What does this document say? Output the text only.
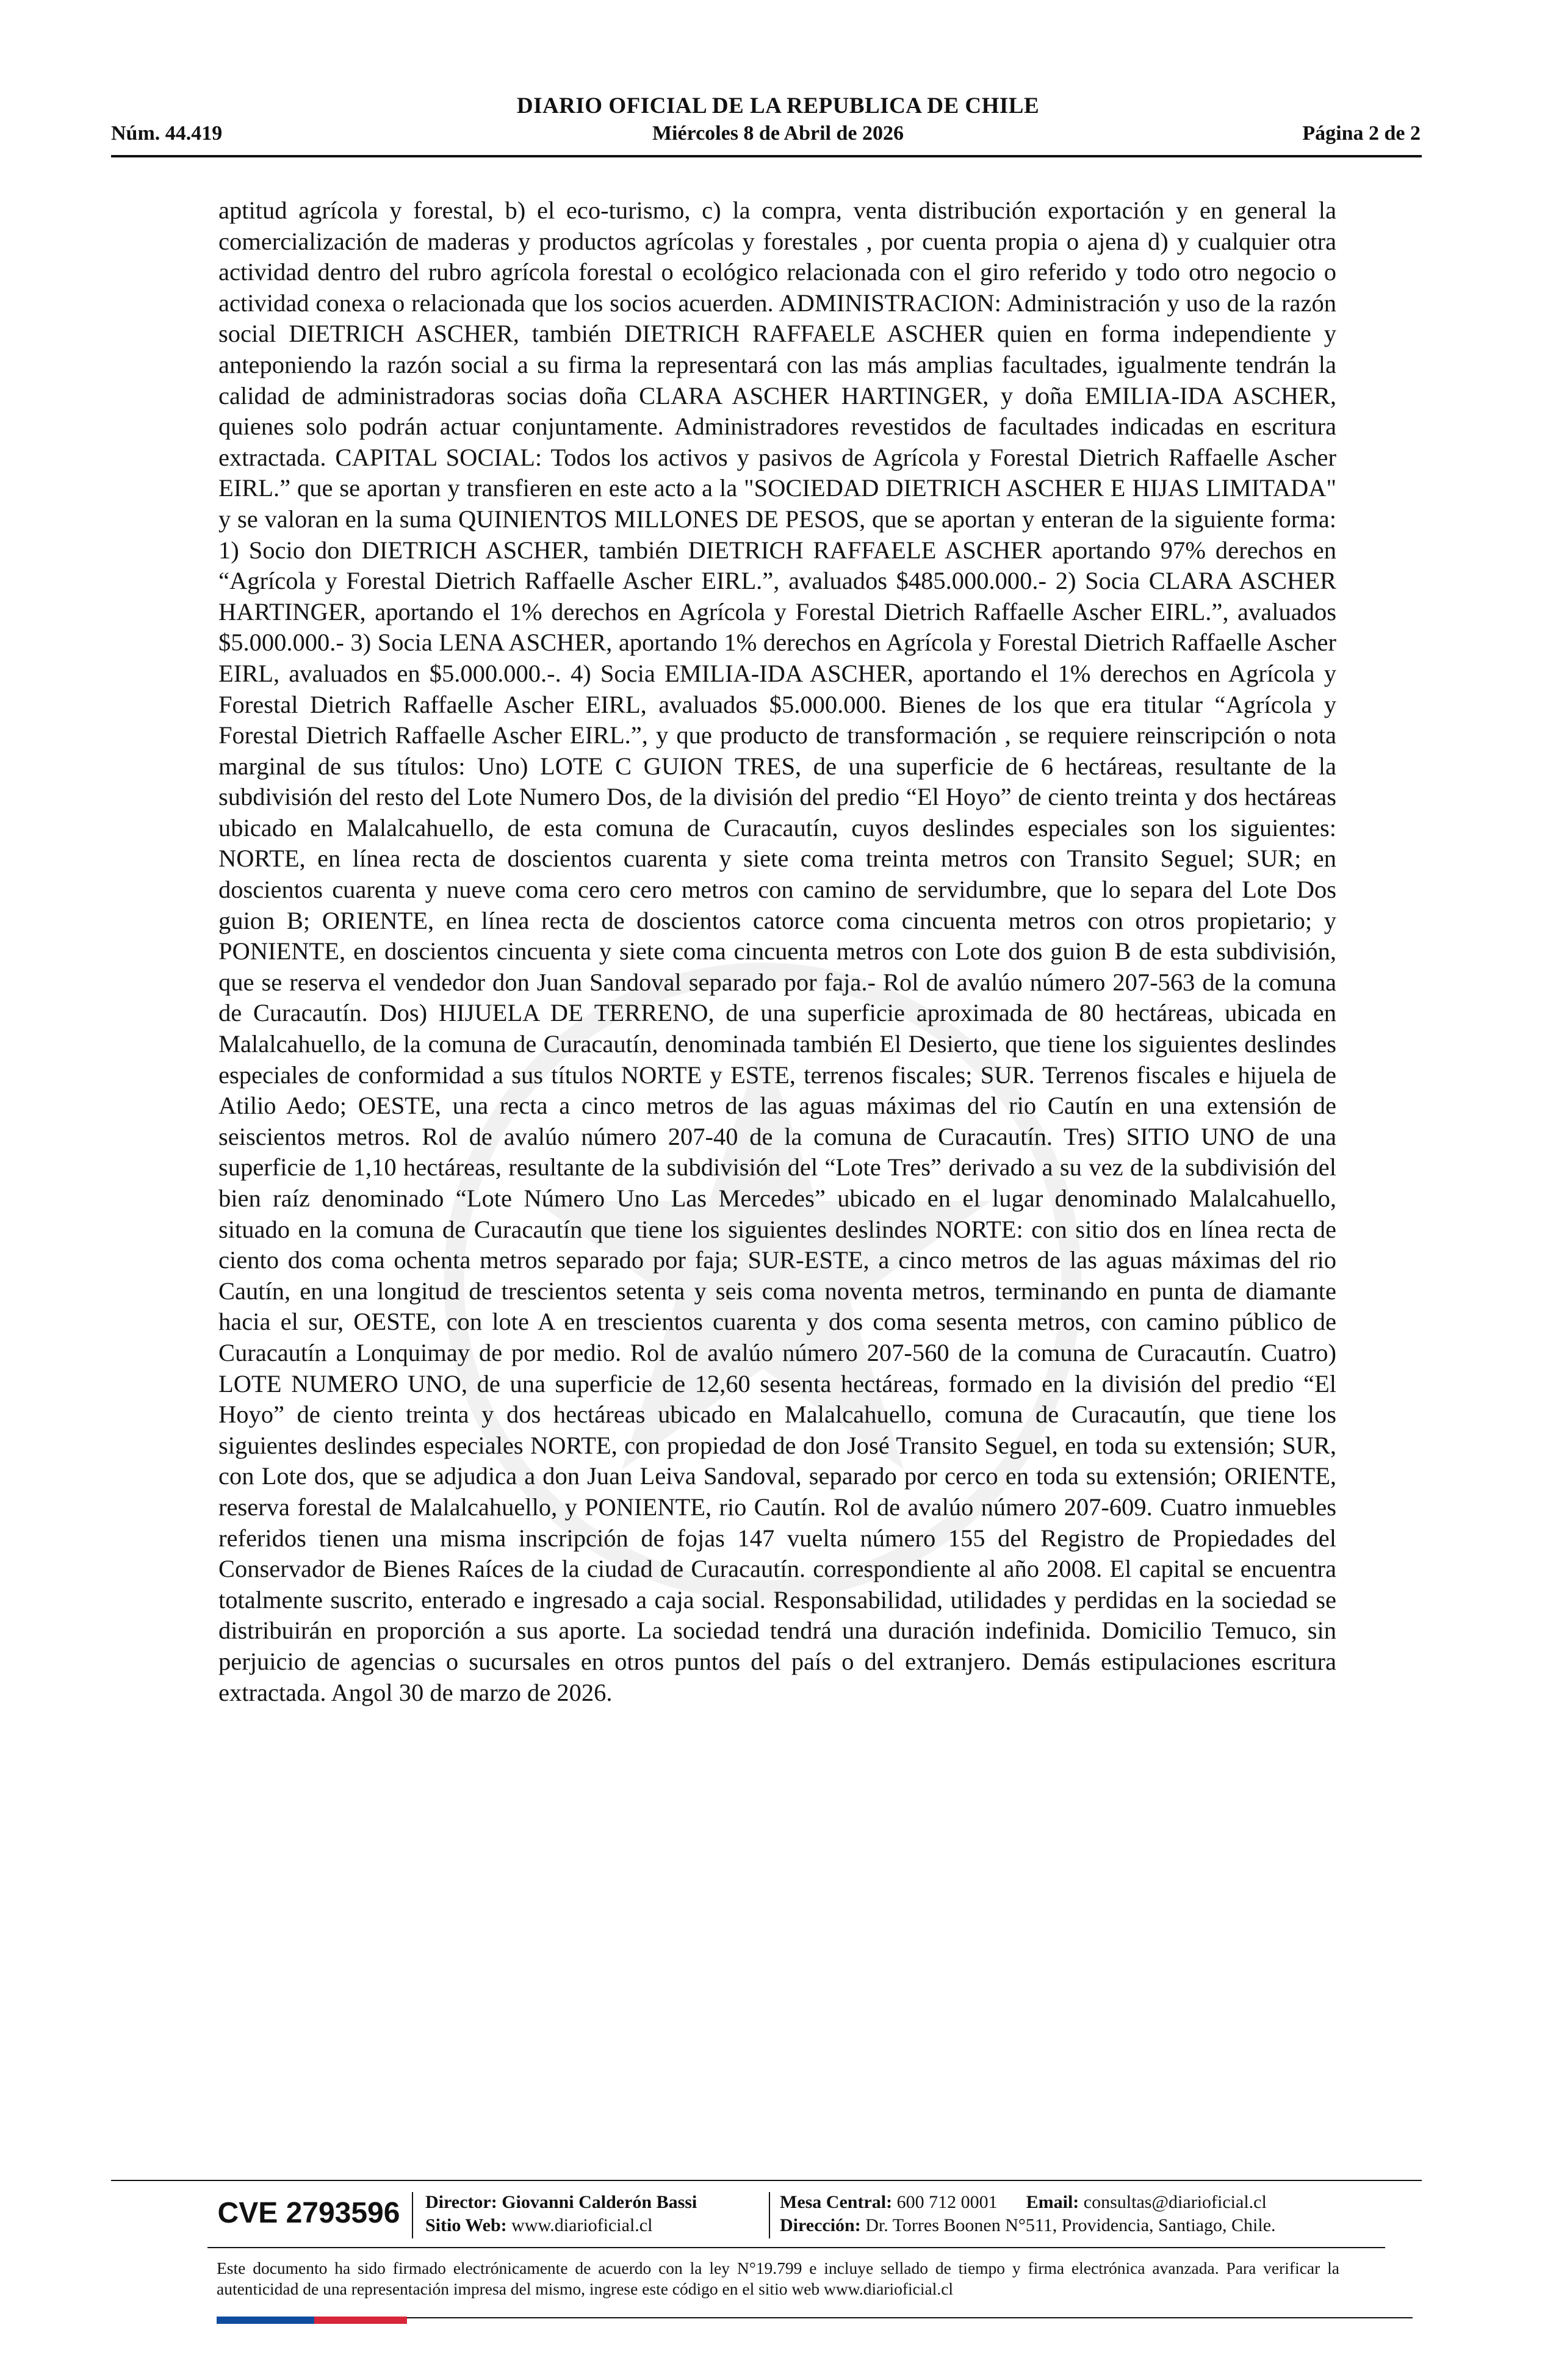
DIARIO OFICIAL DE LA REPUBLICA DE CHILE
Núm. 44.419	Miércoles 8 de Abril de 2026	Página 2 de 2

aptitud agrícola y forestal, b) el eco-turismo, c) la compra, venta distribución exportación y en general la comercialización de maderas y productos agrícolas y forestales , por cuenta propia o ajena d) y cualquier otra actividad dentro del rubro agrícola forestal o ecológico relacionada con el giro referido y todo otro negocio o actividad conexa o relacionada que los socios acuerden. ADMINISTRACION: Administración y uso de la razón social DIETRICH ASCHER, también DIETRICH RAFFAELE ASCHER quien en forma independiente y anteponiendo la razón social a su firma la representará con las más amplias facultades, igualmente tendrán la calidad de administradoras socias doña CLARA ASCHER HARTINGER, y doña EMILIA-IDA ASCHER, quienes solo podrán actuar conjuntamente. Administradores revestidos de facultades indicadas en escritura extractada. CAPITAL SOCIAL: Todos los activos y pasivos de Agrícola y Forestal Dietrich Raffaelle Ascher EIRL.” que se aportan y transfieren en este acto a la "SOCIEDAD DIETRICH ASCHER E HIJAS LIMITADA" y se valoran en la suma QUINIENTOS MILLONES DE PESOS, que se aportan y enteran de la siguiente forma: 1) Socio don DIETRICH ASCHER, también DIETRICH RAFFAELE ASCHER aportando 97% derechos en “Agrícola y Forestal Dietrich Raffaelle Ascher EIRL.”, avaluados $485.000.000.- 2) Socia CLARA ASCHER HARTINGER, aportando el 1% derechos en Agrícola y Forestal Dietrich Raffaelle Ascher EIRL.”, avaluados $5.000.000.- 3) Socia LENA ASCHER, aportando 1% derechos en Agrícola y Forestal Dietrich Raffaelle Ascher EIRL, avaluados en $5.000.000.-. 4) Socia EMILIA-IDA ASCHER, aportando el 1% derechos en Agrícola y Forestal Dietrich Raffaelle Ascher EIRL, avaluados $5.000.000. Bienes de los que era titular “Agrícola y Forestal Dietrich Raffaelle Ascher EIRL.”, y que producto de transformación , se requiere reinscripción o nota marginal de sus títulos: Uno) LOTE C GUION TRES, de una superficie de 6 hectáreas, resultante de la subdivisión del resto del Lote Numero Dos, de la división del predio “El Hoyo” de ciento treinta y dos hectáreas ubicado en Malalcahuello, de esta comuna de Curacautín, cuyos deslindes especiales son los siguientes: NORTE, en línea recta de doscientos cuarenta y siete coma treinta metros con Transito Seguel; SUR; en doscientos cuarenta y nueve coma cero cero metros con camino de servidumbre, que lo separa del Lote Dos guion B; ORIENTE, en línea recta de doscientos catorce coma cincuenta metros con otros propietario; y PONIENTE, en doscientos cincuenta y siete coma cincuenta metros con Lote dos guion B de esta subdivisión, que se reserva el vendedor don Juan Sandoval separado por faja.- Rol de avalúo número 207-563 de la comuna de Curacautín. Dos) HIJUELA DE TERRENO, de una superficie aproximada de 80 hectáreas, ubicada en Malalcahuello, de la comuna de Curacautín, denominada también El Desierto, que tiene los siguientes deslindes especiales de conformidad a sus títulos NORTE y ESTE, terrenos fiscales; SUR. Terrenos fiscales e hijuela de Atilio Aedo; OESTE, una recta a cinco metros de las aguas máximas del rio Cautín en una extensión de seiscientos metros. Rol de avalúo número 207-40 de la comuna de Curacautín. Tres) SITIO UNO de una superficie de 1,10 hectáreas, resultante de la subdivisión del “Lote Tres” derivado a su vez de la subdivisión del bien raíz denominado “Lote Número Uno Las Mercedes” ubicado en el lugar denominado Malalcahuello, situado en la comuna de Curacautín que tiene los siguientes deslindes NORTE: con sitio dos en línea recta de ciento dos coma ochenta metros separado por faja; SUR-ESTE, a cinco metros de las aguas máximas del rio Cautín, en una longitud de trescientos setenta y seis coma noventa metros, terminando en punta de diamante hacia el sur, OESTE, con lote A en trescientos cuarenta y dos coma sesenta metros, con camino público de Curacautín a Lonquimay de por medio. Rol de avalúo número 207-560 de la comuna de Curacautín. Cuatro) LOTE NUMERO UNO, de una superficie de 12,60 sesenta hectáreas, formado en la división del predio “El Hoyo” de ciento treinta y dos hectáreas ubicado en Malalcahuello, comuna de Curacautín, que tiene los siguientes deslindes especiales NORTE, con propiedad de don José Transito Seguel, en toda su extensión; SUR, con Lote dos, que se adjudica a don Juan Leiva Sandoval, separado por cerco en toda su extensión; ORIENTE, reserva forestal de Malalcahuello, y PONIENTE, rio Cautín. Rol de avalúo número 207-609. Cuatro inmuebles referidos tienen una misma inscripción de fojas 147 vuelta número 155 del Registro de Propiedades del Conservador de Bienes Raíces de la ciudad de Curacautín. correspondiente al año 2008. El capital se encuentra totalmente suscrito, enterado e ingresado a caja social. Responsabilidad, utilidades y perdidas en la sociedad se distribuirán en proporción a sus aporte. La sociedad tendrá una duración indefinida. Domicilio Temuco, sin perjuicio de agencias o sucursales en otros puntos del país o del extranjero. Demás estipulaciones escritura extractada. Angol 30 de marzo de 2026.

CVE 2793596	Director: Giovanni Calderón Bassi
Sitio Web: www.diarioficial.cl
Mesa Central: 600 712 0001 Email: consultas@diarioficial.cl
Dirección: Dr. Torres Boonen N°511, Providencia, Santiago, Chile.
Este documento ha sido firmado electrónicamente de acuerdo con la ley N°19.799 e incluye sellado de tiempo y firma electrónica avanzada. Para verificar la autenticidad de una representación impresa del mismo, ingrese este código en el sitio web www.diarioficial.cl
